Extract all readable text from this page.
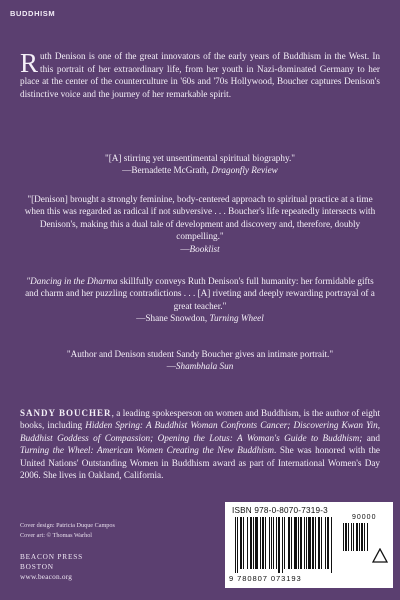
BUDDHISM
Ruth Denison is one of the great innovators of the early years of Buddhism in the West. In this portrait of her extraordinary life, from her youth in Nazi-dominated Germany to her place at the center of the counterculture in '60s and '70s Hollywood, Boucher captures Denison's distinctive voice and the journey of her remarkable spirit.
"[A] stirring yet unsentimental spiritual biography."
—Bernadette McGrath, Dragonfly Review
"[Denison] brought a strongly feminine, body-centered approach to spiritual practice at a time when this was regarded as radical if not subversive . . . Boucher's life repeatedly intersects with Denison's, making this a dual tale of development and discovery and, therefore, doubly compelling."
—Booklist
"Dancing in the Dharma skillfully conveys Ruth Denison's full humanity: her formidable gifts and charm and her puzzling contradictions . . . [A] riveting and deeply rewarding portrayal of a great teacher."
—Shane Snowdon, Turning Wheel
"Author and Denison student Sandy Boucher gives an intimate portrait."
—Shambhala Sun
SANDY BOUCHER, a leading spokesperson on women and Buddhism, is the author of eight books, including Hidden Spring: A Buddhist Woman Confronts Cancer; Discovering Kwan Yin, Buddhist Goddess of Compassion; Opening the Lotus: A Woman's Guide to Buddhism; and Turning the Wheel: American Women Creating the New Buddhism. She was honored with the United Nations' Outstanding Women in Buddhism award as part of International Women's Day 2006. She lives in Oakland, California.
Cover design: Patricia Duque Campos
Cover art: © Thomas Warhol
BEACON PRESS
BOSTON
www.beacon.org
ISBN 978-0-8070-7319-3
90000
9 780807 073193
